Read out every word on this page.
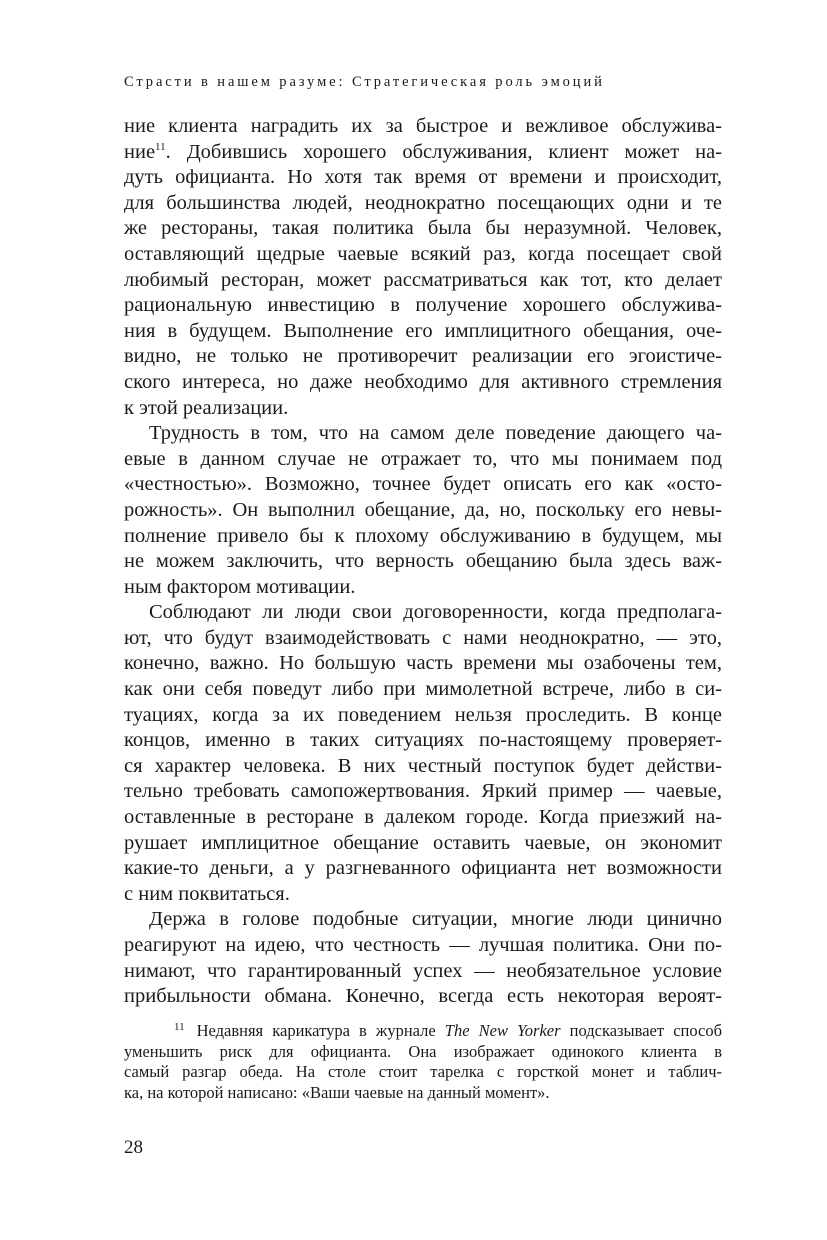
Страсти в нашем разуме: Стратегическая роль эмоций

ние клиента наградить их за быстрое и вежливое обслужива-
ние$^{11}$. Добившись хорошего обслуживания, клиент может на-
дуть официанта. Но хотя так время от времени и происходит,
для большинства людей, неоднократно посещающих одни и те
же рестораны, такая политика была бы неразумной. Человек,
оставляющий щедрые чаевые всякий раз, когда посещает свой
любимый ресторан, может рассматриваться как тот, кто делает
рациональную инвестицию в получение хорошего обслужива-
ния в будущем. Выполнение его имплицитного обещания, оче-
видно, не только не противоречит реализации его эгоистиче-
ского интереса, но даже необходимо для активного стремления
к этой реализации.

Трудность в том, что на самом деле поведение дающего ча-
евые в данном случае не отражает то, что мы понимаем под
«честностью». Возможно, точнее будет описать его как «осто-
рожность». Он выполнил обещание, да, но, поскольку его невы-
полнение привело бы к плохому обслуживанию в будущем, мы
не можем заключить, что верность обещанию была здесь важ-
ным фактором мотивации.

Соблюдают ли люди свои договоренности, когда предполага-
ют, что будут взаимодействовать с нами неоднократно, — это,
конечно, важно. Но большую часть времени мы озабочены тем,
как они себя поведут либо при мимолетной встрече, либо в си-
туациях, когда за их поведением нельзя проследить. В конце
концов, именно в таких ситуациях по-настоящему проверяет-
ся характер человека. В них честный поступок будет действи-
тельно требовать самопожертвования. Яркий пример — чаевые,
оставленные в ресторане в далеком городе. Когда приезжий на-
рушает имплицитное обещание оставить чаевые, он экономит
какие-то деньги, а у разгневанного официанта нет возможности
с ним поквитаться.

Держа в голове подобные ситуации, многие люди цинично
реагируют на идею, что честность — лучшая политика. Они по-
нимают, что гарантированный успех — необязательное условие
прибыльности обмана. Конечно, всегда есть некоторая вероят-

$^{11}$ Недавняя карикатура в журнале The New Yorker подсказывает способ
уменьшить риск для официанта. Она изображает одинокого клиента в
самый разгар обеда. На столе стоит тарелка с горсткой монет и таблич-
ка, на которой написано: «Ваши чаевые на данный момент».
28
